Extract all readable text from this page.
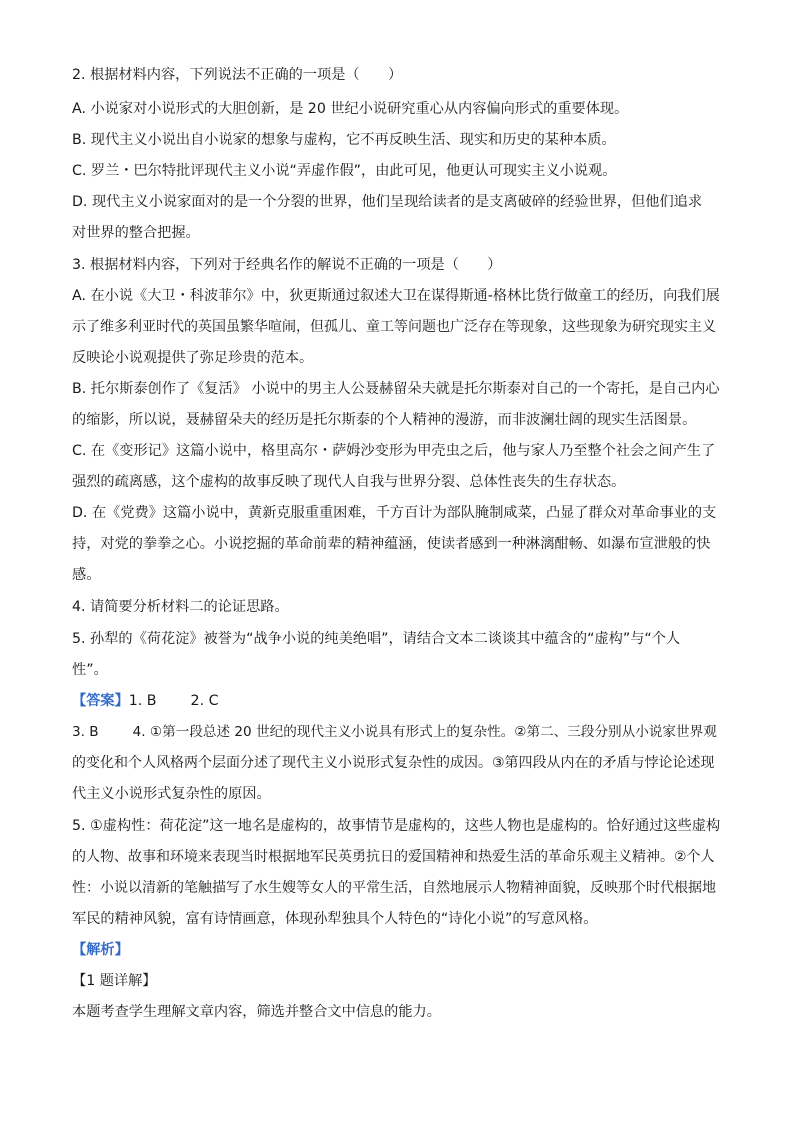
2. 根据材料内容，下列说法不正确的一项是（　　）
A. 小说家对小说形式的大胆创新，是 20 世纪小说研究重心从内容偏向形式的重要体现。
B. 现代主义小说出自小说家的想象与虚构，它不再反映生活、现实和历史的某种本质。
C. 罗兰・巴尔特批评现代主义小说“弄虚作假”，由此可见，他更认可现实主义小说观。
D. 现代主义小说家面对的是一个分裂的世界，他们呈现给读者的是支离破碎的经验世界，但他们追求
对世界的整合把握。
3. 根据材料内容，下列对于经典名作的解说不正确的一项是（　　）
A. 在小说《大卫・科波菲尔》中，狄更斯通过叙述大卫在谋得斯通-格林比货行做童工的经历，向我们展
示了维多利亚时代的英国虽繁华喧闹，但孤儿、童工等问题也广泛存在等现象，这些现象为研究现实主义
反映论小说观提供了弥足珍贵的范本。
B. 托尔斯泰创作了《复活》 小说中的男主人公聂赫留朵夫就是托尔斯泰对自己的一个寄托，是自己内心
的缩影，所以说，聂赫留朵夫的经历是托尔斯泰的个人精神的漫游，而非波澜壮阔的现实生活图景。
C. 在《变形记》这篇小说中，格里高尔・萨姆沙变形为甲壳虫之后，他与家人乃至整个社会之间产生了
强烈的疏离感，这个虚构的故事反映了现代人自我与世界分裂、总体性丧失的生存状态。
D. 在《党费》这篇小说中，黄新克服重重困难，千方百计为部队腌制咸菜，凸显了群众对革命事业的支
持，对党的拳拳之心。小说挖掘的革命前辈的精神蕴涵，使读者感到一种淋漓酣畅、如瀑布宣泄般的快
感。
4. 请简要分析材料二的论证思路。
5. 孙犁的《荷花淀》被誉为“战争小说的纯美绝唱”，请结合文本二谈谈其中蕴含的“虚构”与“个人
性”。
【答案】1. B 2. C
3. B	4. ①第一段总述 20 世纪的现代主义小说具有形式上的复杂性。②第二、三段分别从小说家世界观
的变化和个人风格两个层面分述了现代主义小说形式复杂性的成因。③第四段从内在的矛盾与悖论论述现
代主义小说形式复杂性的原因。
5. ①虚构性：荷花淀”这一地名是虚构的，故事情节是虚构的，这些人物也是虚构的。恰好通过这些虚构
的人物、故事和环境来表现当时根据地军民英勇抗日的爱国精神和热爱生活的革命乐观主义精神。②个人
性：小说以清新的笔触描写了水生嫂等女人的平常生活，自然地展示人物精神面貌，反映那个时代根据地
军民的精神风貌，富有诗情画意，体现孙犁独具个人特色的“诗化小说”的写意风格。
【解析】
【1 题详解】
本题考查学生理解文章内容，筛选并整合文中信息的能力。
